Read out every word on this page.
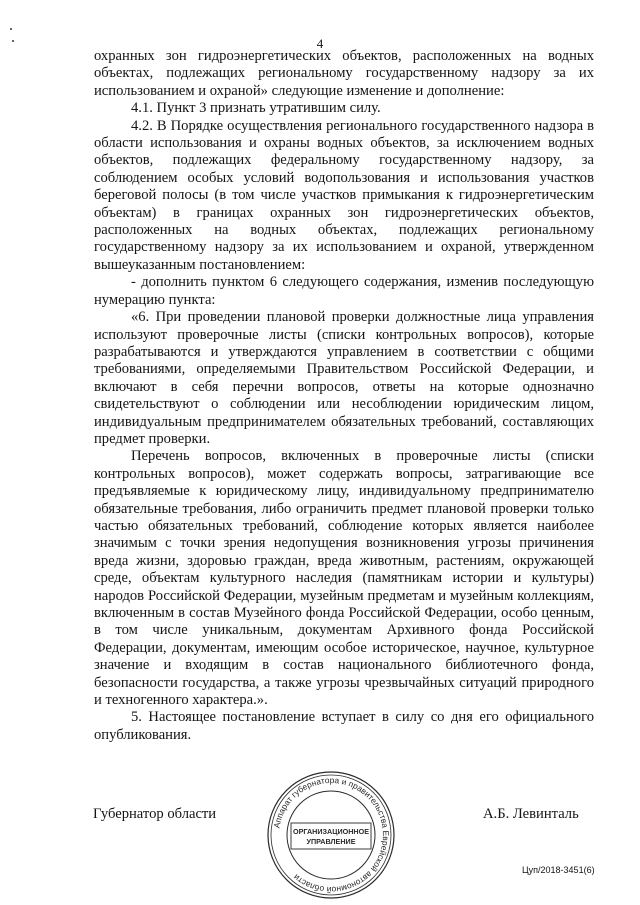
4

охранных зон гидроэнергетических объектов, расположенных на водных объектах, подлежащих региональному государственному надзору за их использованием и охраной» следующие изменение и дополнение:

4.1. Пункт 3 признать утратившим силу.

4.2. В Порядке осуществления регионального государственного надзора в области использования и охраны водных объектов, за исключением водных объектов, подлежащих федеральному государственному надзору, за соблюдением особых условий водопользования и использования участков береговой полосы (в том числе участков примыкания к гидроэнергетическим объектам) в границах охранных зон гидроэнергетических объектов, расположенных на водных объектах, подлежащих региональному государственному надзору за их использованием и охраной, утвержденном вышеуказанным постановлением:

- дополнить пунктом 6 следующего содержания, изменив последующую нумерацию пункта:

«6. При проведении плановой проверки должностные лица управления используют проверочные листы (списки контрольных вопросов), которые разрабатываются и утверждаются управлением в соответствии с общими требованиями, определяемыми Правительством Российской Федерации, и включают в себя перечни вопросов, ответы на которые однозначно свидетельствуют о соблюдении или несоблюдении юридическим лицом, индивидуальным предпринимателем обязательных требований, составляющих предмет проверки.

Перечень вопросов, включенных в проверочные листы (списки контрольных вопросов), может содержать вопросы, затрагивающие все предъявляемые к юридическому лицу, индивидуальному предпринимателю обязательные требования, либо ограничить предмет плановой проверки только частью обязательных требований, соблюдение которых является наиболее значимым с точки зрения недопущения возникновения угрозы причинения вреда жизни, здоровью граждан, вреда животным, растениям, окружающей среде, объектам культурного наследия (памятникам истории и культуры) народов Российской Федерации, музейным предметам и музейным коллекциям, включенным в состав Музейного фонда Российской Федерации, особо ценным, в том числе уникальным, документам Архивного фонда Российской Федерации, документам, имеющим особое историческое, научное, культурное значение и входящим в состав национального библиотечного фонда, безопасности государства, а также угрозы чрезвычайных ситуаций природного и техногенного характера.».

5. Настоящее постановление вступает в силу со дня его официального опубликования.

Губернатор области
Аппарат губернатора и правительства Еврейской автономной области
ОРГАНИЗАЦИОННОЕ
УПРАВЛЕНИЕ
А.Б. Левинталь
Цуп/2018-3451(6)
